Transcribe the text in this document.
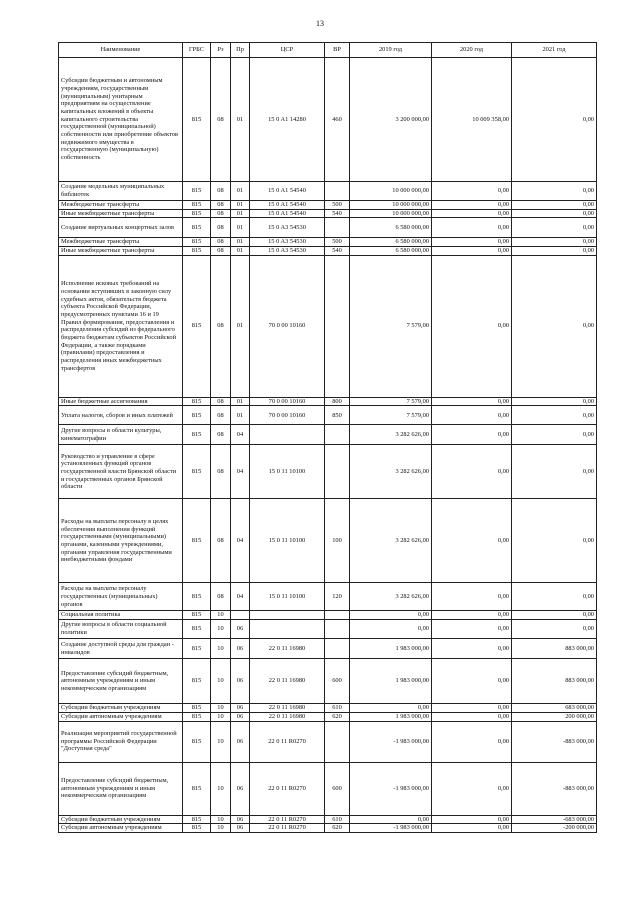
13
Наименование	ГРБС	Рз	Пр	ЦСР	ВР	2019 год	2020 год	2021 год
Субсидии бюджетным и автономным учреждениям, государственным (муниципальным) унитарным предприятиям на осуществление капитальных вложений в объекты капитального строительства государственной (муниципальной) собственности или приобретение объектов недвижимого имущества в государственную (муниципальную) собственность	815	08	01	15 0 A1 14280	460	3 200 000,00	10 009 358,00	0,00
Создание модельных муниципальных библиотек	815	08	01	15 0 A1 54540		10 000 000,00	0,00	0,00
Межбюджетные трансферты	815	08	01	15 0 A1 54540	500	10 000 000,00	0,00	0,00
Иные межбюджетные трансферты	815	08	01	15 0 A1 54540	540	10 000 000,00	0,00	0,00
Создание виртуальных концертных залов	815	08	01	15 0 A3 54530		6 580 000,00	0,00	0,00
Межбюджетные трансферты	815	08	01	15 0 A3 54530	500	6 580 000,00	0,00	0,00
Иные межбюджетные трансферты	815	08	01	15 0 A3 54530	540	6 580 000,00	0,00	0,00
Исполнение исковых требований на основании вступивших в законную силу судебных актов, обязательств бюджета субъекта Российской Федерации, предусмотренных пунктами 16 и 19 Правил формирования, предоставления и распределения субсидий из федерального бюджета бюджетам субъектов Российской Федерации, а также порядками (правилами) предоставления и распределения иных межбюджетных трансфертов	815	08	01	70 0 00 10160		7 579,00	0,00	0,00
Иные бюджетные ассигнования	815	08	01	70 0 00 10160	800	7 579,00	0,00	0,00
Уплата налогов, сборов и иных платежей	815	08	01	70 0 00 10160	850	7 579,00	0,00	0,00
Другие вопросы в области культуры, кинематографии	815	08	04			3 282 626,00	0,00	0,00
Руководство и управление в сфере установленных функций органов государственной власти Брянской области и государственных органов Брянской области	815	08	04	15 0 11 10100		3 282 626,00	0,00	0,00
Расходы на выплаты персоналу в целях обеспечения выполнения функций государственными (муниципальными) органами, казенными учреждениями, органами управления государственными внебюджетными фондами	815	08	04	15 0 11 10100	100	3 282 626,00	0,00	0,00
Расходы на выплаты персоналу государственных (муниципальных) органов	815	08	04	15 0 11 10100	120	3 282 626,00	0,00	0,00
Социальная политика	815	10				0,00	0,00	0,00
Другие вопросы в области социальной политики	815	10	06			0,00	0,00	0,00
Создание доступной среды для граждан - инвалидов	815	10	06	22 0 11 16980		1 983 000,00	0,00	883 000,00
Предоставление субсидий бюджетным, автономным учреждениям и иным некоммерческим организациям	815	10	06	22 0 11 16980	600	1 983 000,00	0,00	883 000,00
Субсидии бюджетным учреждениям	815	10	06	22 0 11 16980	610	0,00	0,00	683 000,00
Субсидии автономным учреждениям	815	10	06	22 0 11 16980	620	1 983 000,00	0,00	200 000,00
Реализация мероприятий государственной программы Российской Федерации "Доступная среда"	815	10	06	22 0 11 R0270		-1 983 000,00	0,00	-883 000,00
Предоставление субсидий бюджетным, автономным учреждениям и иным некоммерческим организациям	815	10	06	22 0 11 R0270	600	-1 983 000,00	0,00	-883 000,00
Субсидии бюджетным учреждениям	815	10	06	22 0 11 R0270	610	0,00	0,00	-683 000,00
Субсидии автономным учреждениям	815	10	06	22 0 11 R0270	620	-1 983 000,00	0,00	-200 000,00
